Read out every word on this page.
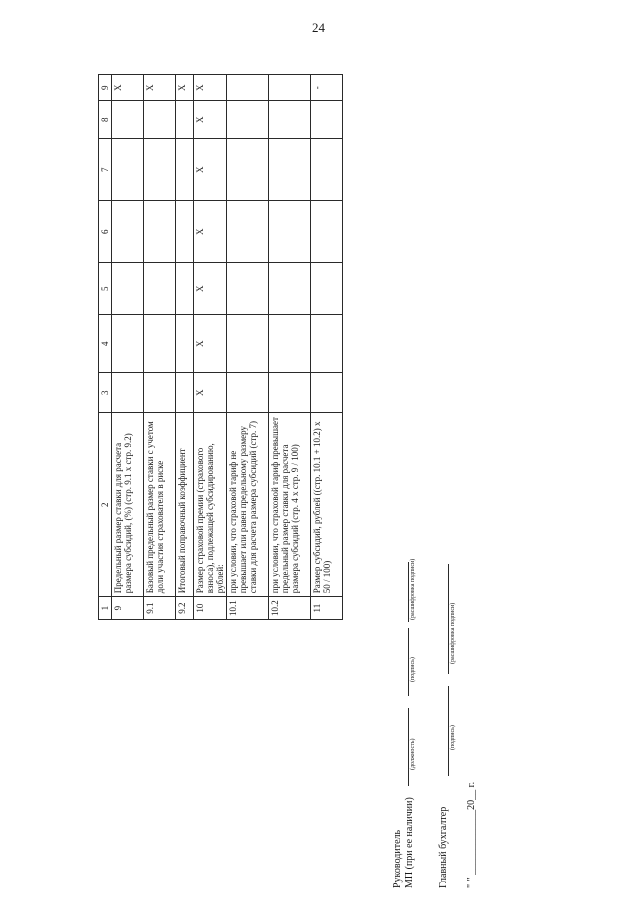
24
1	2	3	4	5	6	7	8	9
9	Предельный размер ставки для расчета размера субсидий, (%) (стр. 9.1 х стр. 9.2)							X
9.1	Базовый предельный размер ставки с учетом доли участия страхователя в риске							X
9.2	Итоговый поправочный коэффициент							X
10	Размер страховой премии (страхового взноса), подлежащей субсидированию, рублей:	X	X	X	X	X	X	X
10.1	при условии, что страховой тариф не превышает или равен предельному размеру ставки для расчета размера субсидий (стр. 7)							
10.2	при условии, что страховой тариф превышает предельный размер ставки для расчета размера субсидий (стр. 4 х стр. 9 / 100)							
11	Размер субсидий, рублей ((стр. 10.1 + 10.2) х 50 / 100)							-
Руководитель МП (при ее наличии)
(должность)
(подпись)
(расшифровка подписи)
Главный бухгалтер
(подпись)
(расшифровка подписи)
" " _____________20__ г.
